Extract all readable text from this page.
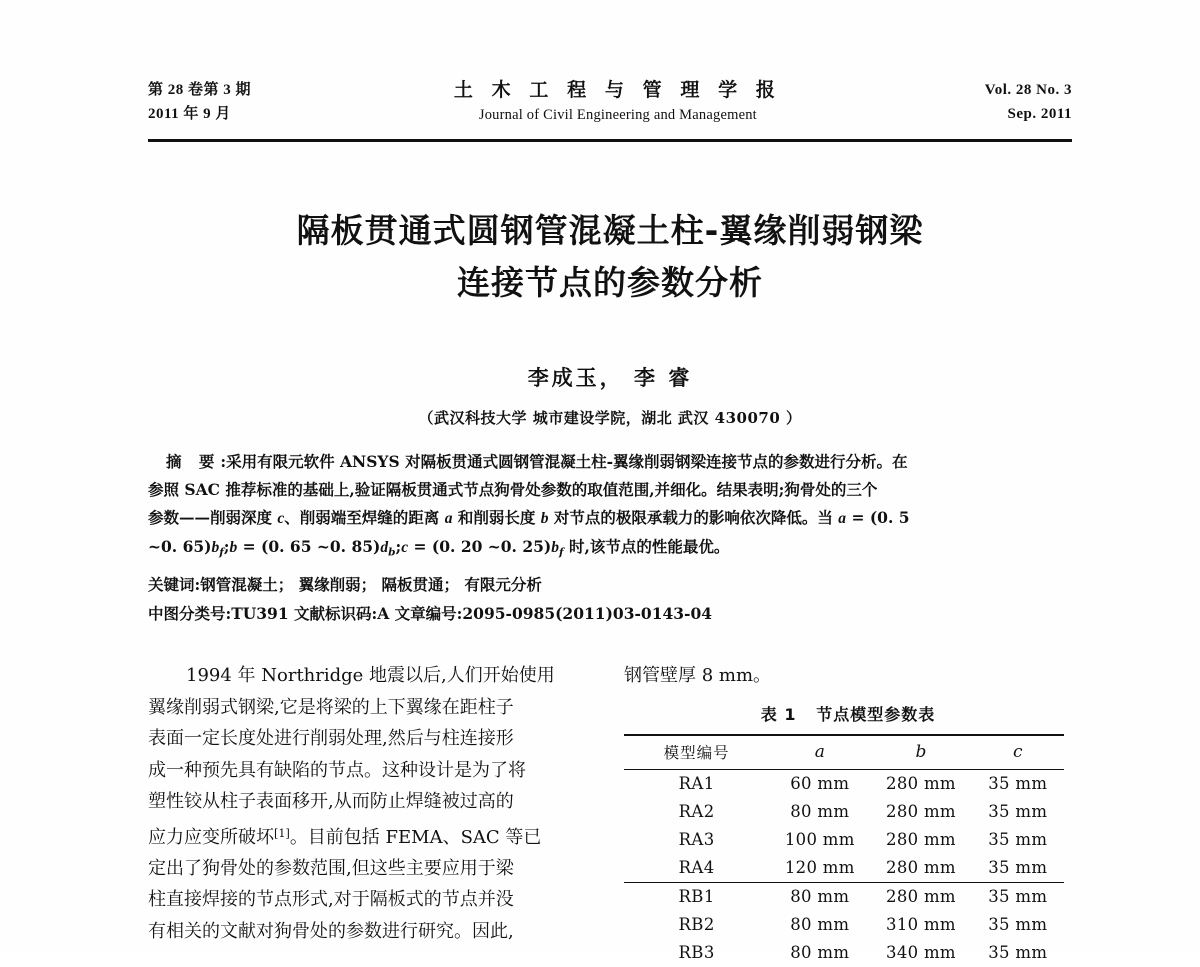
第 28 卷第 3 期
2011 年 9 月
土 木 工 程 与 管 理 学 报
Journal of Civil Engineering and Management
Vol. 28 No. 3
Sep. 2011
隔板贯通式圆钢管混凝土柱-翼缘削弱钢梁
连接节点的参数分析
李成玉， 李 睿
（武汉科技大学 城市建设学院，湖北 武汉 430070 ）
摘 要:采用有限元软件 ANSYS 对隔板贯通式圆钢管混凝土柱-翼缘削弱钢梁连接节点的参数进行分析。在
参照 SAC 推荐标准的基础上,验证隔板贯通式节点狗骨处参数的取值范围,并细化。结果表明;狗骨处的三个
参数——削弱深度 c、削弱端至焊缝的距离 a 和削弱长度 b 对节点的极限承载力的影响依次降低。当 a = (0. 5
~0. $65)b_f;b = (0$. 65 ~0. $85)d_b;c = (0$. 20 ~0. $25)b_f$ 时,该节点的性能最优。
关键词:钢管混凝土； 翼缘削弱； 隔板贯通； 有限元分析
中图分类号:TU391 文献标识码:A 文章编号:2095-0985(2011)03-0143-04
1994 年 Northridge 地震以后,人们开始使用
翼缘削弱式钢梁,它是将梁的上下翼缘在距柱子
表面一定长度处进行削弱处理,然后与柱连接形
成一种预先具有缺陷的节点。这种设计是为了将
塑性铰从柱子表面移开,从而防止焊缝被过高的
应力应变所破坏[1]。目前包括 FEMA、SAC 等已
定出了狗骨处的参数范围,但这些主要应用于梁
柱直接焊接的节点形式,对于隔板式的节点并没
有相关的文献对狗骨处的参数进行研究。因此,
钢管壁厚 8 mm。
表 1 节点模型参数表
模型编号	a	b	c
RA1	60 mm	280 mm	35 mm
RA2	80 mm	280 mm	35 mm
RA3	100 mm	280 mm	35 mm
RA4	120 mm	280 mm	35 mm
RB1	80 mm	280 mm	35 mm
RB2	80 mm	310 mm	35 mm
RB3	80 mm	340 mm	35 mm
